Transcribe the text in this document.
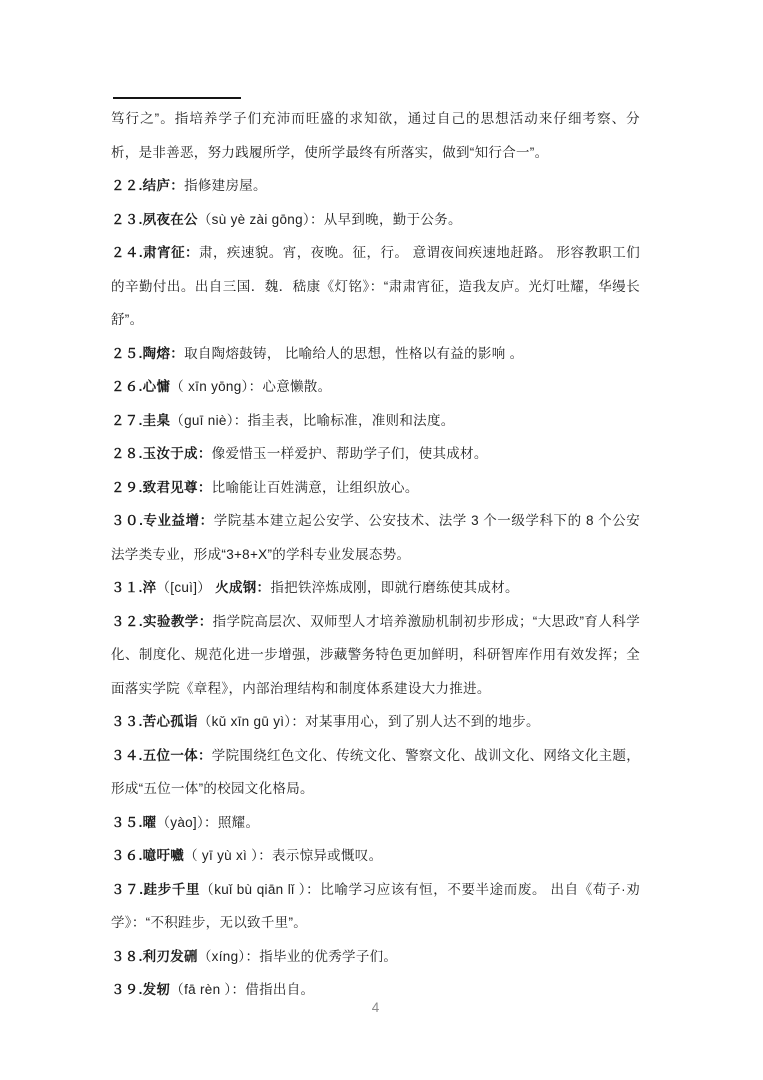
笃行之”。指培养学子们充沛而旺盛的求知欲，通过自己的思想活动来仔细考察、分析，是非善恶，努力践履所学，使所学最终有所落实，做到“知行合一”。

２２.结庐：指修建房屋。

２３.夙夜在公（sù yè zài gōng）：从早到晚，勤于公务。

２４.肃宵征：肃，疾速貌。宵，夜晚。征，行。 意谓夜间疾速地赶路。 形容教职工们的辛勤付出。出自三国．魏．嵇康《灯铭》：“肃肃宵征，造我友庐。光灯吐耀，华缦长舒”。

２５.陶熔：取自陶熔鼓铸， 比喻给人的思想，性格以有益的影响 。

２６.心慵（ xīn yōng）：心意懒散。

２７.圭臬（guī niè）：指圭表，比喻标准，准则和法度。

２８.玉汝于成：像爱惜玉一样爱护、帮助学子们，使其成材。

２９.致君见尊：比喻能让百姓满意，让组织放心。

３０.专业益增：学院基本建立起公安学、公安技术、法学 3 个一级学科下的 8 个公安法学类专业，形成“3+8+X”的学科专业发展态势。

３１.淬（[cuì]） 火成钢：指把铁淬炼成刚，即就行磨练使其成材。

３２.实验教学：指学院高层次、双师型人才培养激励机制初步形成；“大思政”育人科学化、制度化、规范化进一步增强，涉藏警务特色更加鲜明，科研智库作用有效发挥；全面落实学院《章程》，内部治理结构和制度体系建设大力推进。

３３.苦心孤诣（kǔ xīn gū yì）：对某事用心，到了别人达不到的地步。

３４.五位一体：学院围绕红色文化、传统文化、警察文化、战训文化、网络文化主题，形成“五位一体”的校园文化格局。

３５.曜（yào]）：照耀。

３６.噫吁嚱（ yī yù xì ）：表示惊异或慨叹。

３７.跬步千里（kuǐ bù qiān lǐ ）：比喻学习应该有恒，不要半途而废。 出自《荀子·劝学》：“不积跬步，无以致千里”。

３８.利刃发硎（xíng）：指毕业的优秀学子们。

３９.发轫（fā rèn ）：借指出自。

4
